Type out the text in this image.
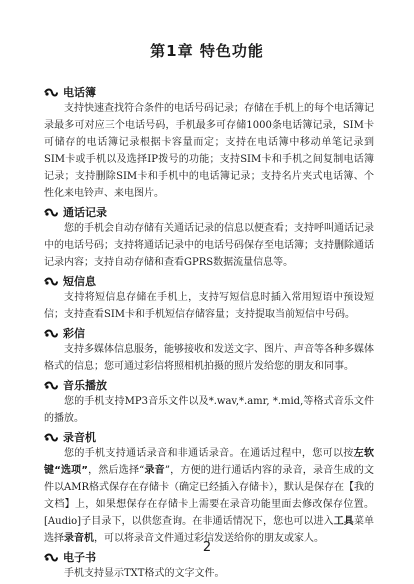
第1章 特色功能
电话簿

支持快速查找符合条件的电话号码记录；存储在手机上的每个电话簿记录最多可对应三个电话号码，手机最多可存储1000条电话簿记录，SIM卡可储存的电话簿记录根据卡容量而定；支持在电话簿中移动单笔记录到SIM卡或手机以及选择IP拨号的功能；支持SIM卡和手机之间复制电话簿记录；支持删除SIM卡和手机中的电话簿记录；支持名片夹式电话簿、个性化来电铃声、来电图片。

通话记录

您的手机会自动存储有关通话记录的信息以便查看；支持呼叫通话记录中的电话号码；支持将通话记录中的电话号码保存至电话簿；支持删除通话记录内容；支持自动存储和查看GPRS数据流量信息等。

短信息

支持将短信息存储在手机上，支持写短信息时插入常用短语中预设短信；支持查看SIM卡和手机短信存储容量；支持提取当前短信中号码。

彩信

支持多媒体信息服务，能够接收和发送文字、图片、声音等各种多媒体格式的信息；您可通过彩信将照相机拍摄的照片发给您的朋友和同事。

音乐播放

您的手机支持MP3音乐文件以及*.wav,*.amr, *.mid,等格式音乐文件的播放。

录音机

您的手机支持通话录音和非通话录音。在通话过程中，您可以按左软键“选项”，然后选择“录音”，方便的进行通话内容的录音，录音生成的文件以AMR格式保存在存储卡（确定已经插入存储卡），默认是保存在【我的文档】上，如果想保存在存储卡上需要在录音功能里面去修改保存位置。[Audio]子目录下，以供您查询。在非通话情况下，您也可以进入工具菜单选择录音机，可以将录音文件通过彩信发送给你的朋友或家人。

电子书

手机支持显示TXT格式的文字文件。

2
